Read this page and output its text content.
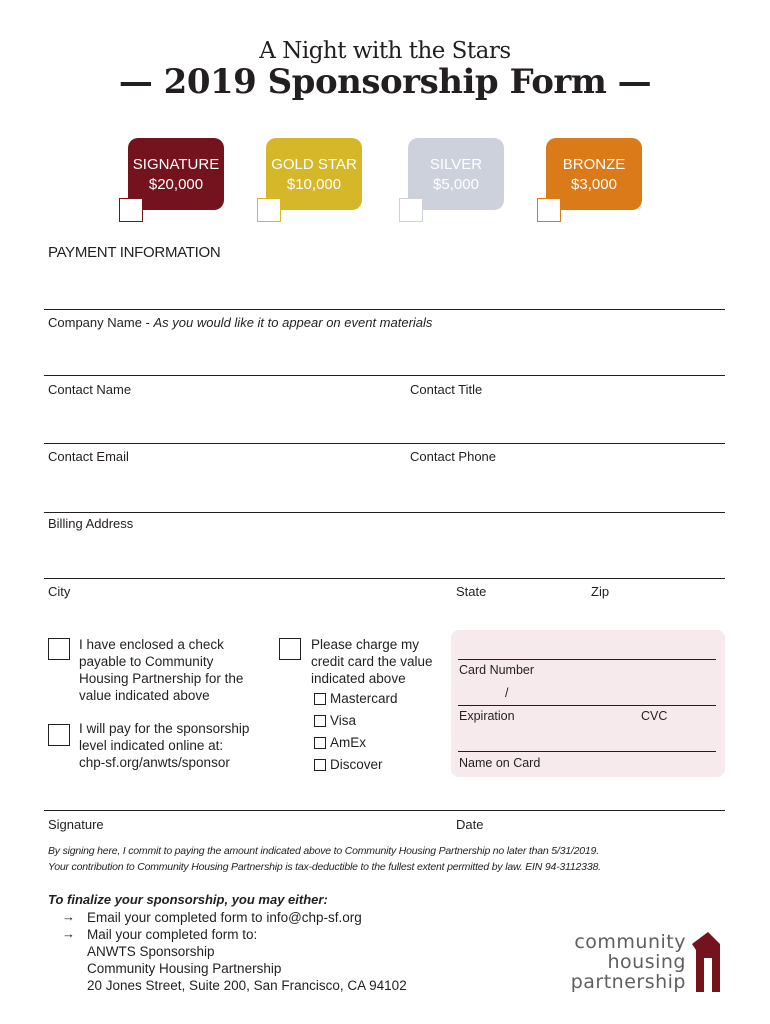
A Night with the Stars
— 2019 Sponsorship Form —
SIGNATURE
$20,000
GOLD STAR
$10,000
SILVER
$5,000
BRONZE
$3,000
PAYMENT INFORMATION
Company Name - As you would like it to appear on event materials
Contact Name	Contact Title
Contact Email	Contact Phone
Billing Address
City	State	Zip
I have enclosed a check
payable to Community
Housing Partnership for the
value indicated above
I will pay for the sponsorship
level indicated online at:
chp-sf.org/anwts/sponsor
Please charge my
credit card the value
indicated above
Mastercard
Visa
AmEx
Discover
Card Number
/
Expiration	CVC
Name on Card
Signature	Date
By signing here, I commit to paying the amount indicated above to Community Housing Partnership no later than 5/31/2019.
Your contribution to Community Housing Partnership is tax-deductible to the fullest extent permitted by law. EIN 94-3112338.
To finalize your sponsorship, you may either:
→ Email your completed form to info@chp-sf.org
→ Mail your completed form to:
ANWTS Sponsorship
Community Housing Partnership
20 Jones Street, Suite 200, San Francisco, CA 94102
community
housing
partnership
